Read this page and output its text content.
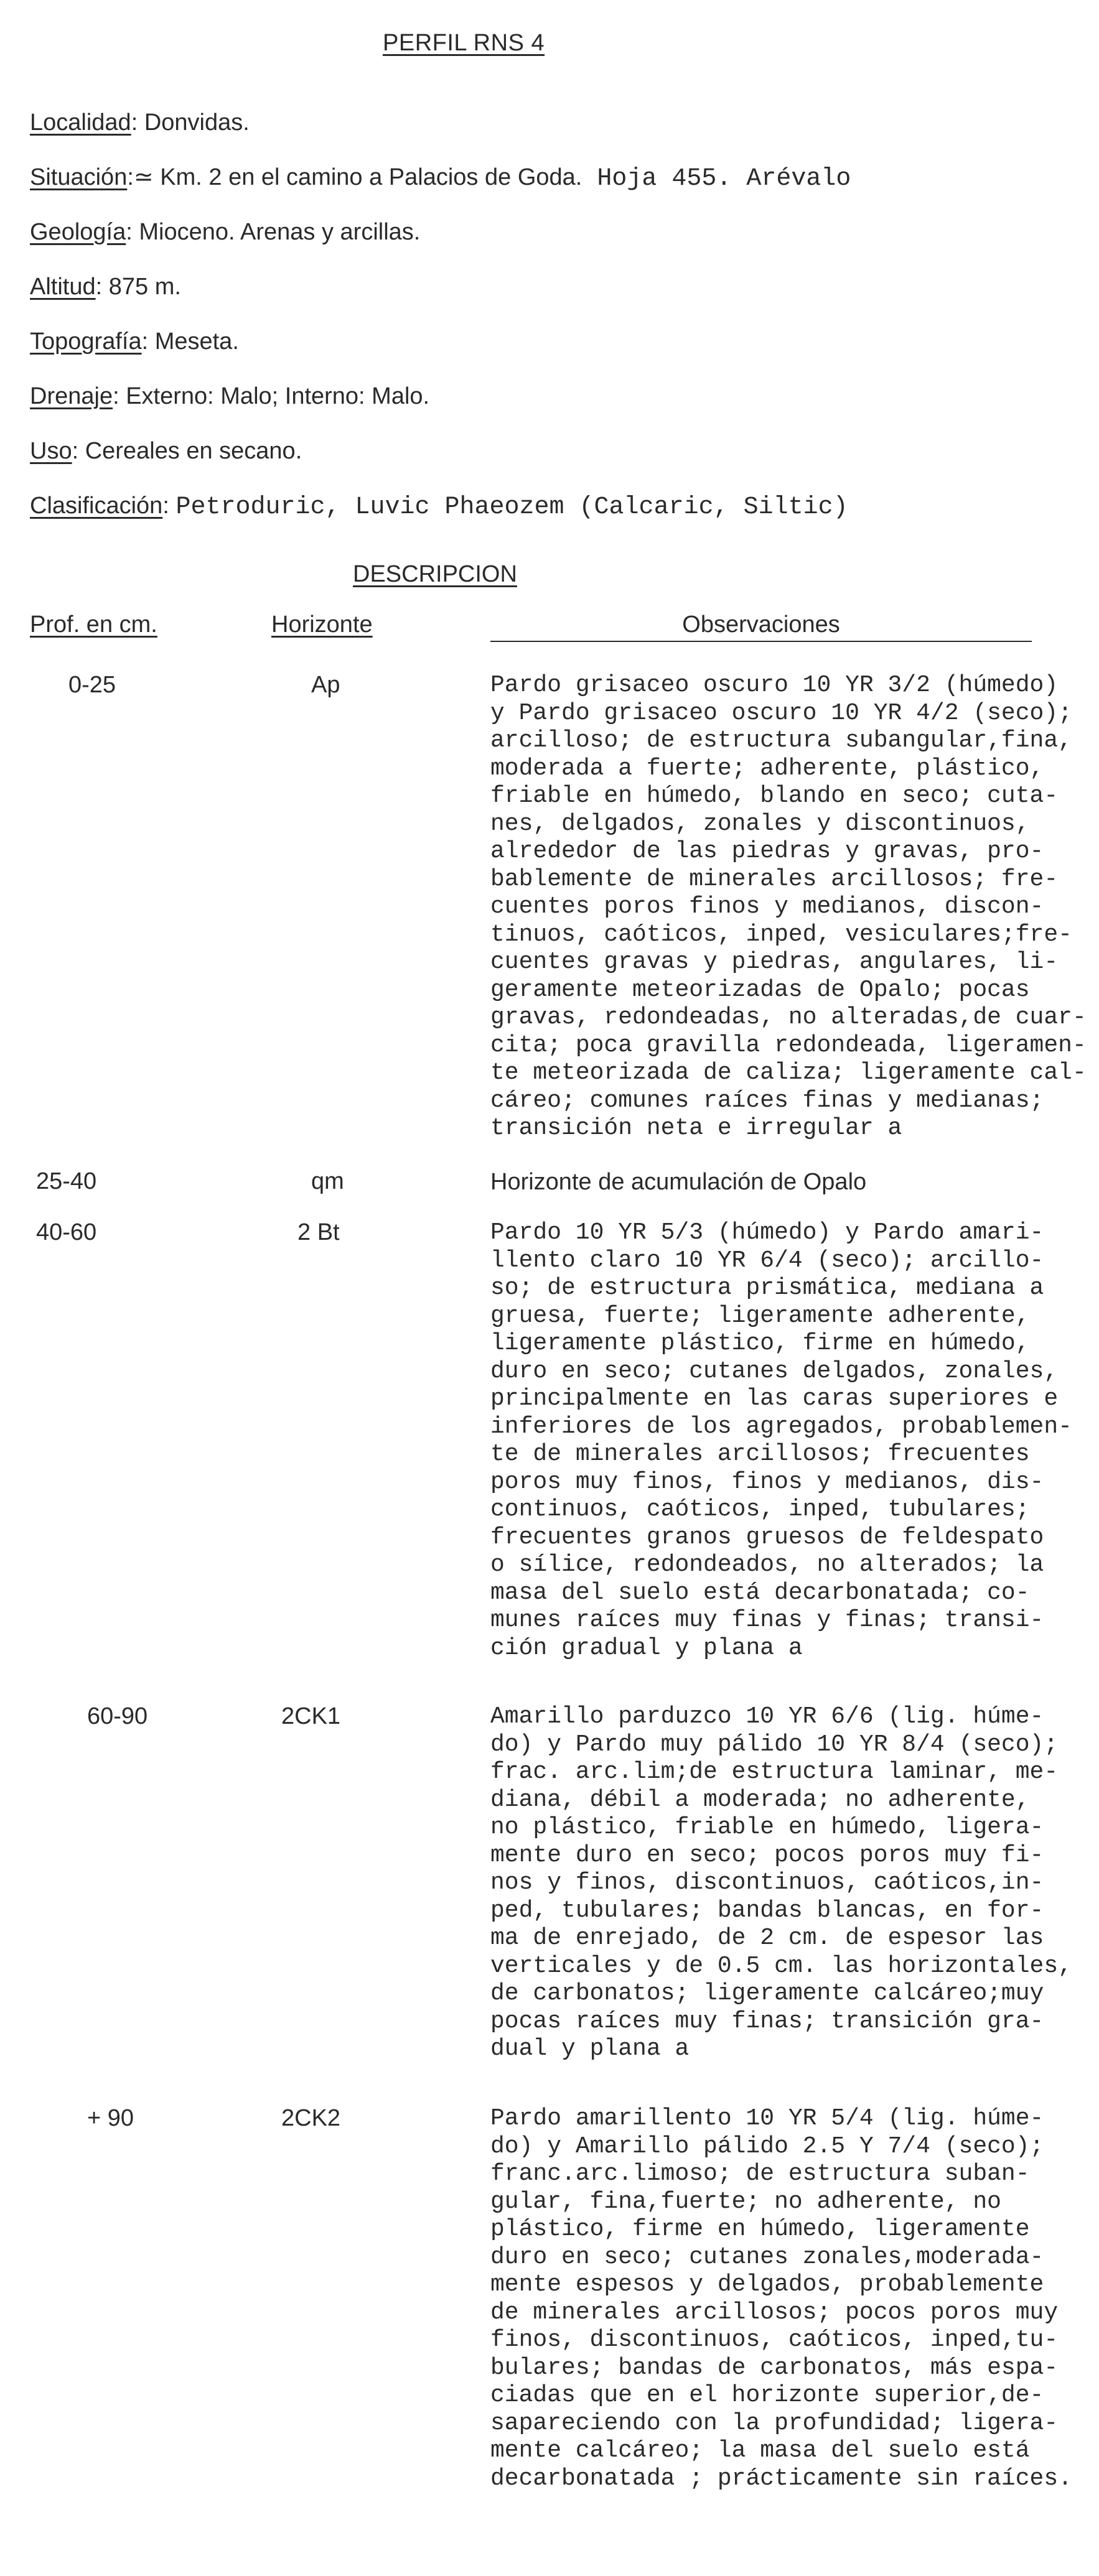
PERFIL RNS 4
Localidad: Donvidas.
Situación:≃ Km. 2 en el camino a Palacios de Goda. Hoja 455. Arévalo
Geología: Mioceno. Arenas y arcillas.
Altitud: 875 m.
Topografía: Meseta.
Drenaje: Externo: Malo; Interno: Malo.
Uso: Cereales en secano.
Clasificación: Petroduric, Luvic Phaeozem (Calcaric, Siltic)
DESCRIPCION
Prof. en cm.	Horizonte	Observaciones
0-25	Ap	Pardo grisaceo oscuro 10 YR 3/2 (húmedo)
y Pardo grisaceo oscuro 10 YR 4/2 (seco);
arcilloso; de estructura subangular,fina,
moderada a fuerte; adherente, plástico,
friable en húmedo, blando en seco; cuta-
nes, delgados, zonales y discontinuos,
alrededor de las piedras y gravas, pro-
bablemente de minerales arcillosos; fre-
cuentes poros finos y medianos, discon-
tinuos, caóticos, inped, vesiculares;fre-
cuentes gravas y piedras, angulares, li-
geramente meteorizadas de Opalo; pocas
gravas, redondeadas, no alteradas,de cuar-
cita; poca gravilla redondeada, ligeramen-
te meteorizada de caliza; ligeramente cal-
cáreo; comunes raíces finas y medianas;
transición neta e irregular a
25-40	qm	Horizonte de acumulación de Opalo
40-60	2 Bt	Pardo 10 YR 5/3 (húmedo) y Pardo amari-
llento claro 10 YR 6/4 (seco); arcillo-
so; de estructura prismática, mediana a
gruesa, fuerte; ligeramente adherente,
ligeramente plástico, firme en húmedo,
duro en seco; cutanes delgados, zonales,
principalmente en las caras superiores e
inferiores de los agregados, probablemen-
te de minerales arcillosos; frecuentes
poros muy finos, finos y medianos, dis-
continuos, caóticos, inped, tubulares;
frecuentes granos gruesos de feldespato
o sílice, redondeados, no alterados; la
masa del suelo está decarbonatada; co-
munes raíces muy finas y finas; transi-
ción gradual y plana a
60-90	2CK1	Amarillo parduzco 10 YR 6/6 (lig. húme-
do) y Pardo muy pálido 10 YR 8/4 (seco);
frac. arc.lim;de estructura laminar, me-
diana, débil a moderada; no adherente,
no plástico, friable en húmedo, ligera-
mente duro en seco; pocos poros muy fi-
nos y finos, discontinuos, caóticos,in-
ped, tubulares; bandas blancas, en for-
ma de enrejado, de 2 cm. de espesor las
verticales y de 0.5 cm. las horizontales,
de carbonatos; ligeramente calcáreo;muy
pocas raíces muy finas; transición gra-
dual y plana a
+ 90	2CK2	Pardo amarillento 10 YR 5/4 (lig. húme-
do) y Amarillo pálido 2.5 Y 7/4 (seco);
franc.arc.limoso; de estructura suban-
gular, fina,fuerte; no adherente, no
plástico, firme en húmedo, ligeramente
duro en seco; cutanes zonales,moderada-
mente espesos y delgados, probablemente
de minerales arcillosos; pocos poros muy
finos, discontinuos, caóticos, inped,tu-
bulares; bandas de carbonatos, más espa-
ciadas que en el horizonte superior,de-
sapareciendo con la profundidad; ligera-
mente calcáreo; la masa del suelo está
decarbonatada ; prácticamente sin raíces.
